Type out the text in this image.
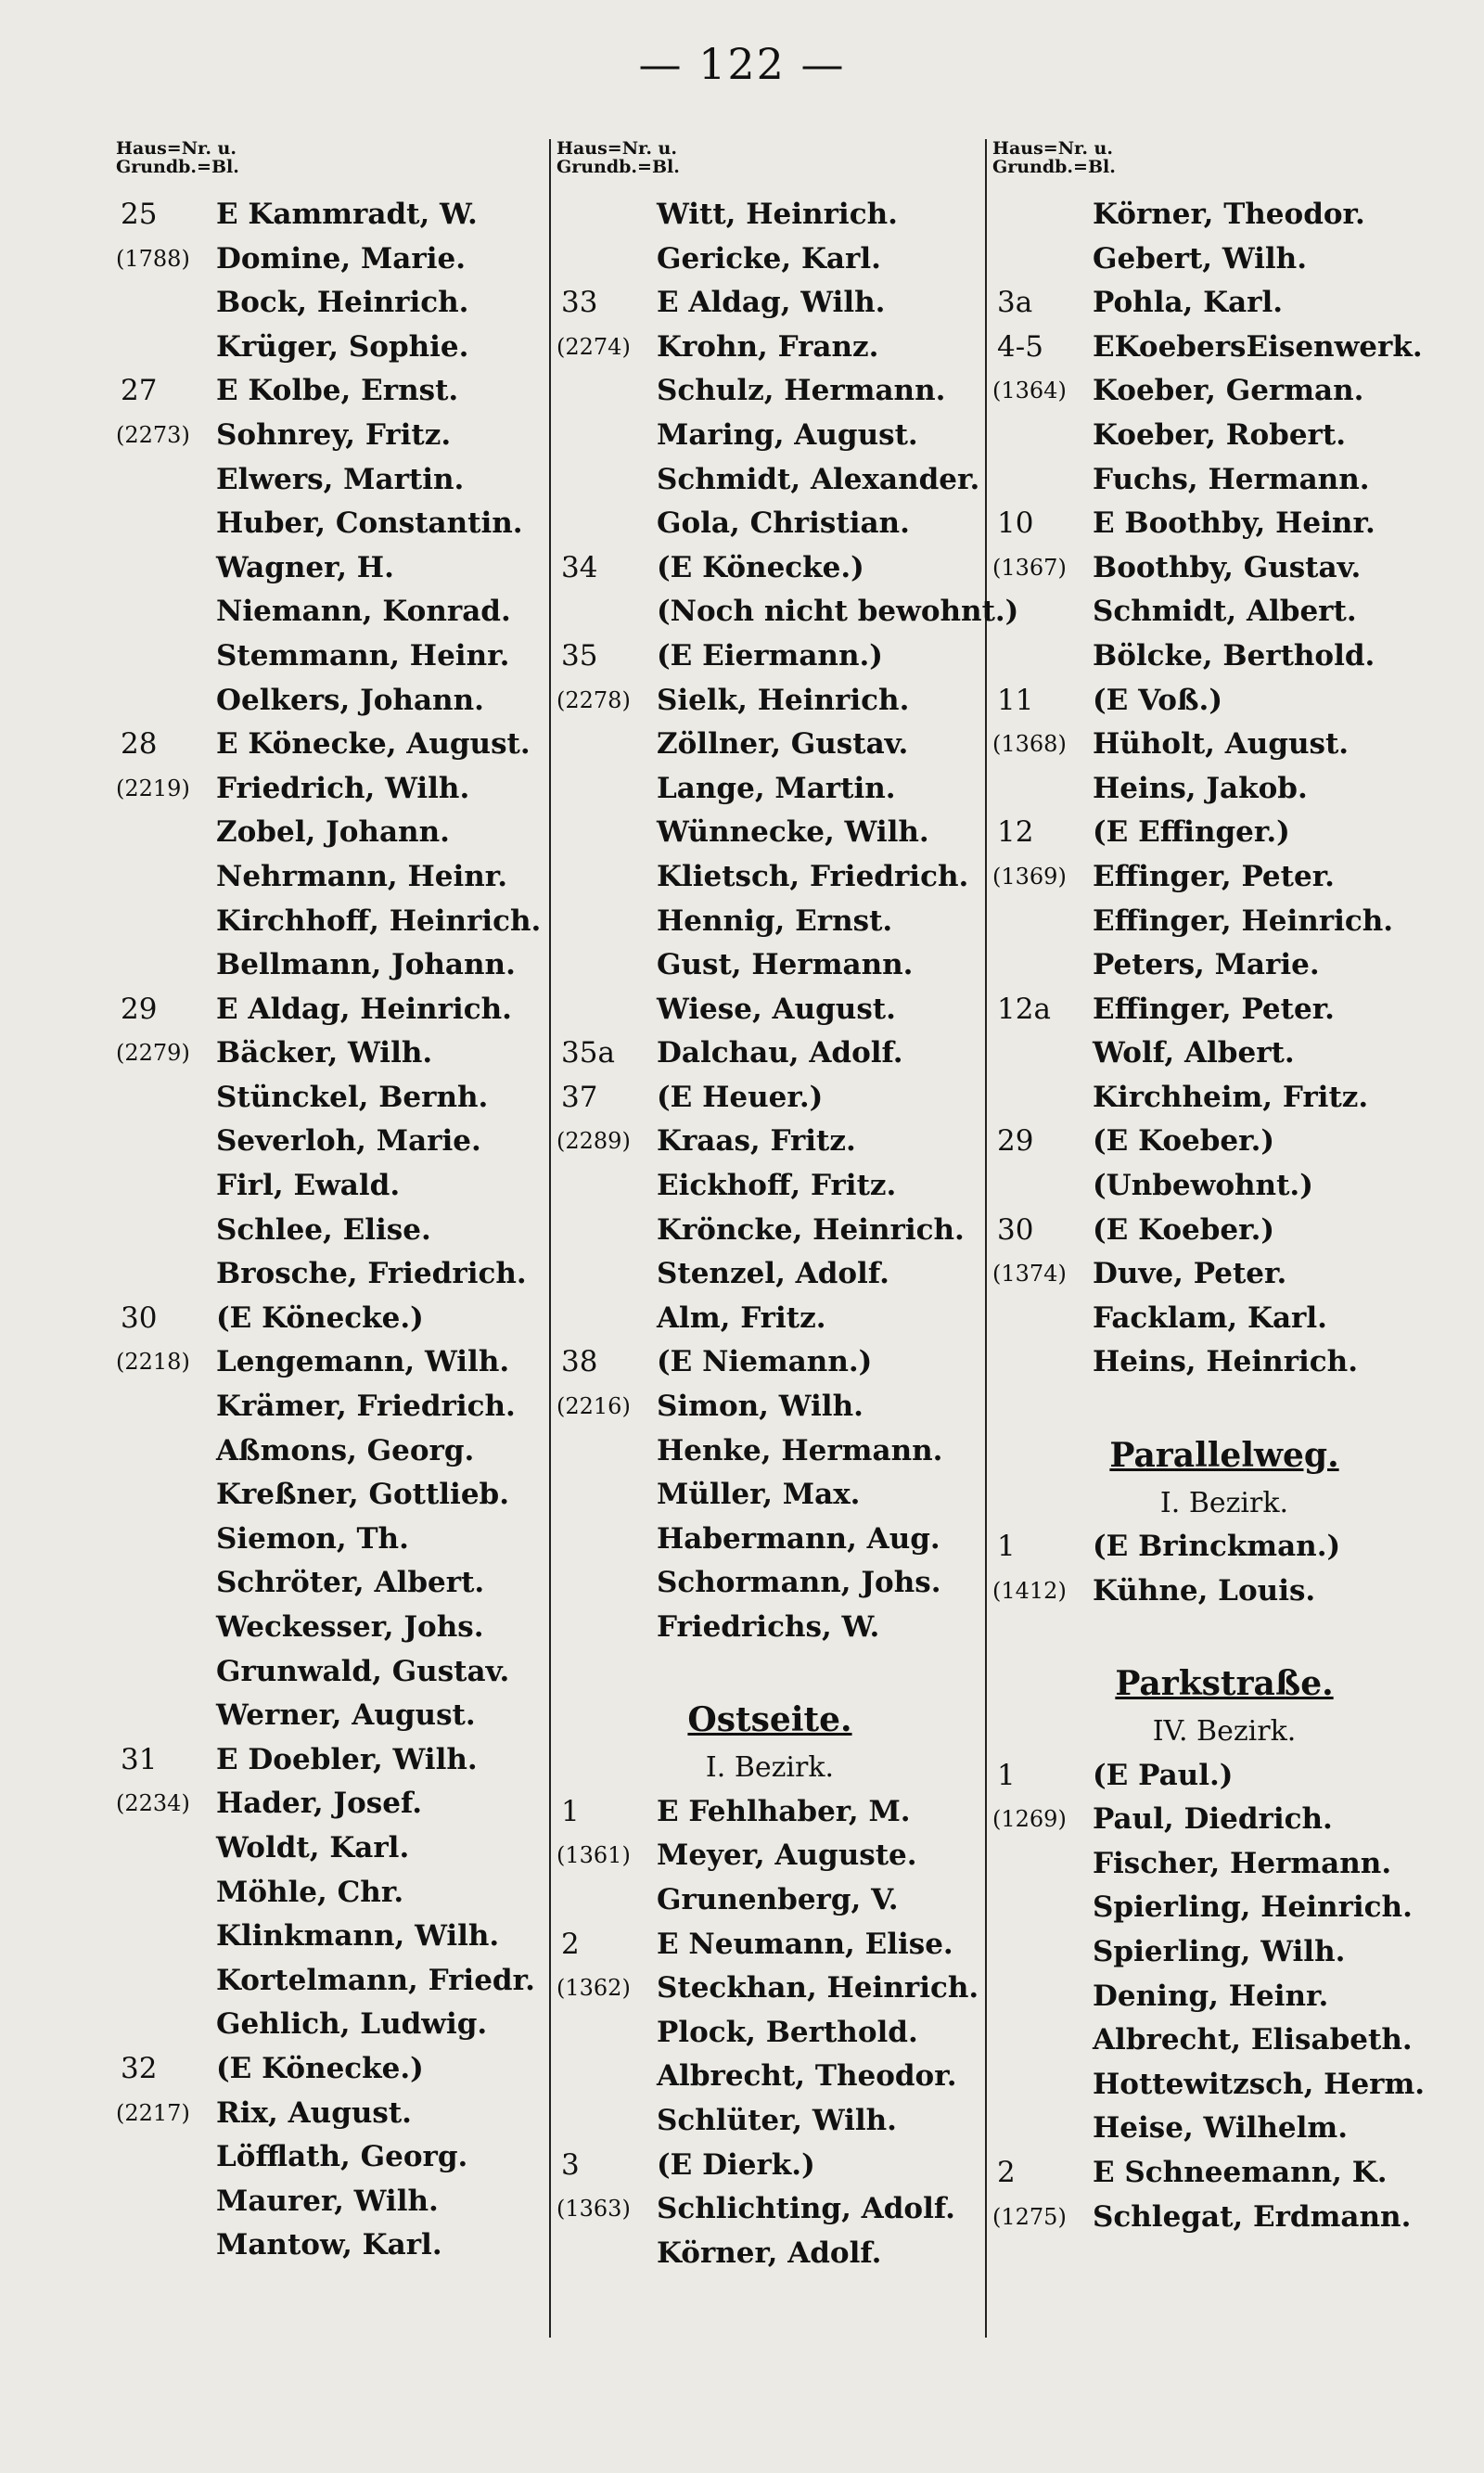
— 122 —
Haus=Nr. u.
Grundb.=Bl.
25 E Kammradt, W.
(1788) Domine, Marie.
Bock, Heinrich.
Krüger, Sophie.
27 E Kolbe, Ernst.
(2273) Sohnrey, Fritz.
Elwers, Martin.
Huber, Constantin.
Wagner, H.
Niemann, Konrad.
Stemmann, Heinr.
Oelkers, Johann.
28 E Könecke, August.
(2219) Friedrich, Wilh.
Zobel, Johann.
Nehrmann, Heinr.
Kirchhoff, Heinrich.
Bellmann, Johann.
29 E Aldag, Heinrich.
(2279) Bäcker, Wilh.
Stünckel, Bernh.
Severloh, Marie.
Firl, Ewald.
Schlee, Elise.
Brosche, Friedrich.
30 (E Könecke.)
(2218) Lengemann, Wilh.
Krämer, Friedrich.
Aßmons, Georg.
Kreßner, Gottlieb.
Siemon, Th.
Schröter, Albert.
Weckesser, Johs.
Grunwald, Gustav.
Werner, August.
31 E Doebler, Wilh.
(2234) Hader, Josef.
Woldt, Karl.
Möhle, Chr.
Klinkmann, Wilh.
Kortelmann, Friedr.
Gehlich, Ludwig.
32 (E Könecke.)
(2217) Rix, August.
Löfflath, Georg.
Maurer, Wilh.
Mantow, Karl.
Haus=Nr. u.
Grundb.=Bl.
Witt, Heinrich.
Gericke, Karl.
33 E Aldag, Wilh.
(2274) Krohn, Franz.
Schulz, Hermann.
Maring, August.
Schmidt, Alexander.
Gola, Christian.
34 (E Könecke.)
(Noch nicht bewohnt.)
35 (E Eiermann.)
(2278) Sielk, Heinrich.
Zöllner, Gustav.
Lange, Martin.
Wünnecke, Wilh.
Klietsch, Friedrich.
Hennig, Ernst.
Gust, Hermann.
Wiese, August.
35a Dalchau, Adolf.
37 (E Heuer.)
(2289) Kraas, Fritz.
Eickhoff, Fritz.
Kröncke, Heinrich.
Stenzel, Adolf.
Alm, Fritz.
38 (E Niemann.)
(2216) Simon, Wilh.
Henke, Hermann.
Müller, Max.
Habermann, Aug.
Schormann, Johs.
Friedrichs, W.
Ostseite.
I. Bezirk.
1	E Fehlhaber, M.
(1361) Meyer, Auguste.
Grunenberg, V.
2	E Neumann, Elise.
(1362) Steckhan, Heinrich.
Plock, Berthold.
Albrecht, Theodor.
Schlüter, Wilh.
3	(E Dierk.)
(1363) Schlichting, Adolf.
Körner, Adolf.
Haus=Nr. u.
Grundb.=Bl.
Körner, Theodor.
Gebert, Wilh.
3a Pohla, Karl.
4-5 EKoebersEisenwerk.
(1364) Koeber, German.
Koeber, Robert.
Fuchs, Hermann.
10 E Boothby, Heinr.
(1367) Boothby, Gustav.
Schmidt, Albert.
Bölcke, Berthold.
11 (E Voß.)
(1368) Hüholt, August.
Heins, Jakob.
12 (E Effinger.)
(1369) Effinger, Peter.
Effinger, Heinrich.
Peters, Marie.
12a Effinger, Peter.
Wolf, Albert.
Kirchheim, Fritz.
29 (E Koeber.)
(Unbewohnt.)
30 (E Koeber.)
(1374) Duve, Peter.
Facklam, Karl.
Heins, Heinrich.
Parallelweg.
I. Bezirk.
1	(E Brinckman.)
(1412) Kühne, Louis.
Parkstraße.
IV. Bezirk.
1	(E Paul.)
(1269) Paul, Diedrich.
Fischer, Hermann.
Spierling, Heinrich.
Spierling, Wilh.
Dening, Heinr.
Albrecht, Elisabeth.
Hottewitzsch, Herm.
Heise, Wilhelm.
2	E Schneemann, K.
(1275) Schlegat, Erdmann.
